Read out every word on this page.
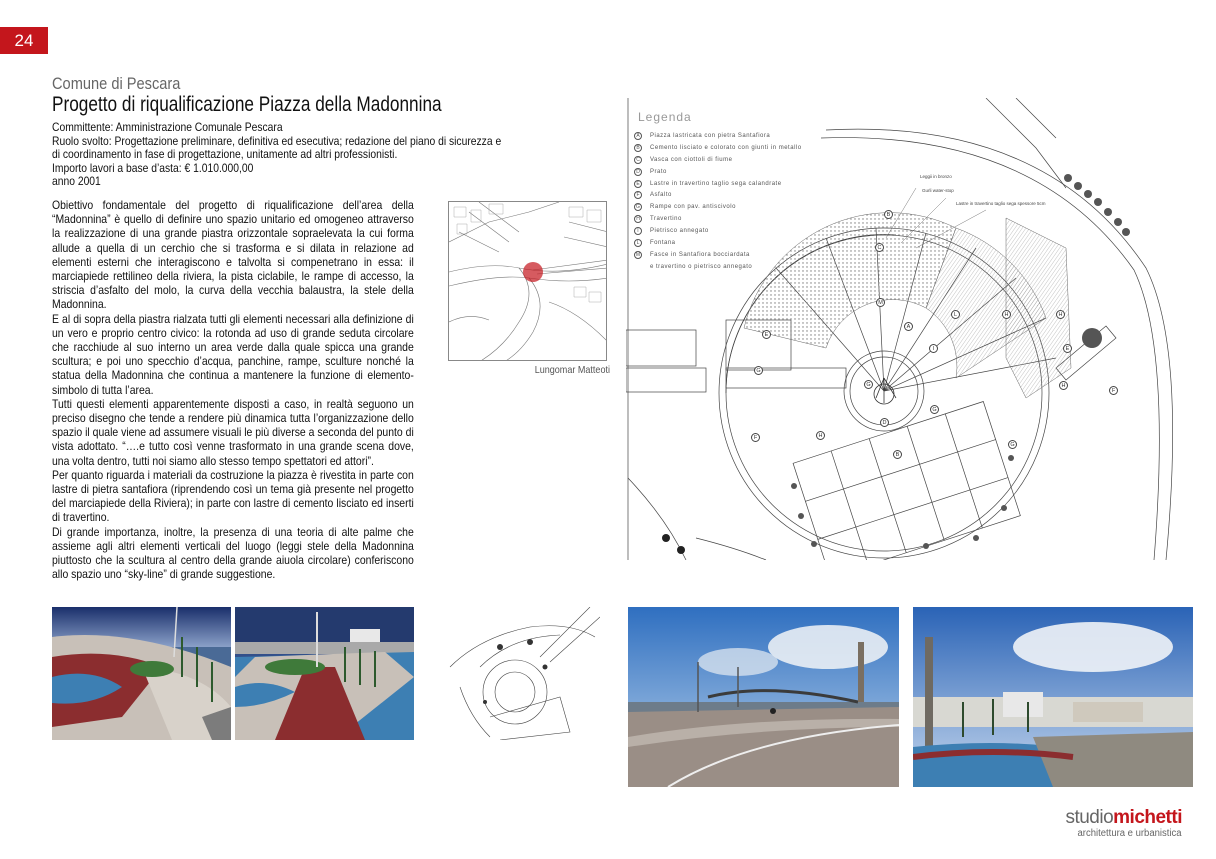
24
Comune di Pescara
Progetto di riqualificazione Piazza della Madonnina
Committente: Amministrazione Comunale Pescara
Ruolo svolto: Progettazione preliminare, definitiva ed esecutiva; redazione del piano di sicurezza e
di coordinamento in fase di progettazione, unitamente ad altri professionisti.
Importo lavori a base d’asta: € 1.010.000,00
anno 2001

Obiettivo fondamentale del progetto di riqualificazione dell’area della “Madonnina” è quello di definire uno spazio unitario ed omogeneo attraverso la realizzazione di una grande piastra orizzontale sopraelevata la cui forma allude a quella di un cerchio che si trasforma e si dilata in relazione ad elementi esterni che interagiscono e talvolta si compenetrano in essa: il marciapiede rettilineo della riviera, la pista ciclabile, le rampe di accesso, la striscia d’asfalto del molo, la curva della vecchia balaustra, la stele della Madonnina.

E al di sopra della piastra rialzata tutti gli elementi necessari alla definizione di un vero e proprio centro civico: la rotonda ad uso di grande seduta circolare che racchiude al suo interno un area verde dalla quale spicca una grande scultura; e poi uno specchio d’acqua, panchine, rampe, sculture nonché la statua della Madonnina che continua a mantenere la funzione di elemento-simbolo di tutta l’area.

Tutti questi elementi apparentemente disposti a caso, in realtà seguono un preciso disegno che tende a rendere più dinamica tutta l’organizzazione dello spazio il quale viene ad assumere visuali le più diverse a seconda del punto di vista adottato. “….e tutto così venne trasformato in una grande scena dove, una volta dentro, tutti noi siamo allo stesso tempo spettatori ed attori”.

Per quanto riguarda i materiali da costruzione la piazza è rivestita in parte con lastre di pietra santafiora (riprendendo così un tema già presente nel progetto del marciapiede della Riviera); in parte con lastre di cemento lisciato ed inserti di travertino.

Di grande importanza, inoltre, la presenza di una teoria di alte palme che assieme agli altri elementi verticali del luogo (leggi stele della Madonnina piuttosto che la scultura al centro della grande aiuola circolare) conferiscono allo spazio uno “sky-line” di grande suggestione.

Lungomar Matteoti
Legenda
A	Piazza lastricata con pietra Santafiora
B	Cemento lisciato e colorato con giunti in metallo
C	Vasca con ciottoli di fiume
D	Prato
E	Lastre in travertino taglio sega calandrate
F	Asfalto
G	Rampe con pav. antiscivolo
H	Travertino
I	Pietrisco annegato
L	Fontana
M	Fasce in Santafiora bocciardata
e travertino o pietrisco annegato
Leggii in bronzo
Gurli water-stop
Lastre in travertino taglio sega spessore 5cm
B
C
M
A
L	H	H
E
H
I
G
G
D
G
H
B
F
F
E
G
studiomichetti
architettura e urbanistica
